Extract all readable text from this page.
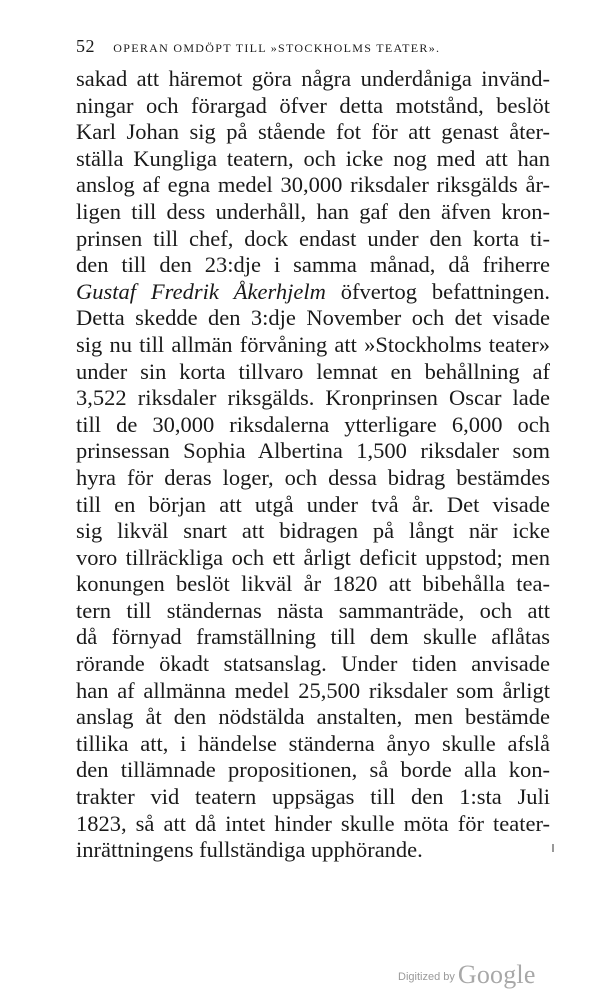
52 OPERAN OMDÖPT TILL »STOCKHOLMS TEATER».
sakad att häremot göra några underdåniga invänd-
ningar och förargad öfver detta motstånd, beslöt
Karl Johan sig på stående fot för att genast åter-
ställa Kungliga teatern, och icke nog med att han
anslog af egna medel 30,000 riksdaler riksgälds år-
ligen till dess underhåll, han gaf den äfven kron-
prinsen till chef, dock endast under den korta ti-
den till den 23:dje i samma månad, då friherre
Gustaf Fredrik Åkerhjelm öfvertog befattningen.
Detta skedde den 3:dje November och det visade
sig nu till allmän förvåning att »Stockholms teater»
under sin korta tillvaro lemnat en behållning af
3,522 riksdaler riksgälds. Kronprinsen Oscar lade
till de 30,000 riksdalerna ytterligare 6,000 och
prinsessan Sophia Albertina 1,500 riksdaler som
hyra för deras loger, och dessa bidrag bestämdes
till en början att utgå under två år. Det visade
sig likväl snart att bidragen på långt när icke
voro tillräckliga och ett årligt deficit uppstod; men
konungen beslöt likväl år 1820 att bibehålla tea-
tern till ständernas nästa sammanträde, och att
då förnyad framställning till dem skulle aflåtas
rörande ökadt statsanslag. Under tiden anvisade
han af allmänna medel 25,500 riksdaler som årligt
anslag åt den nödstälda anstalten, men bestämde
tillika att, i händelse ständerna ånyo skulle afslå
den tillämnade propositionen, så borde alla kon-
trakter vid teatern uppsägas till den 1:sta Juli
1823, så att då intet hinder skulle möta för teater-
inrättningens fullständiga upphörande.
Digitized by Google
